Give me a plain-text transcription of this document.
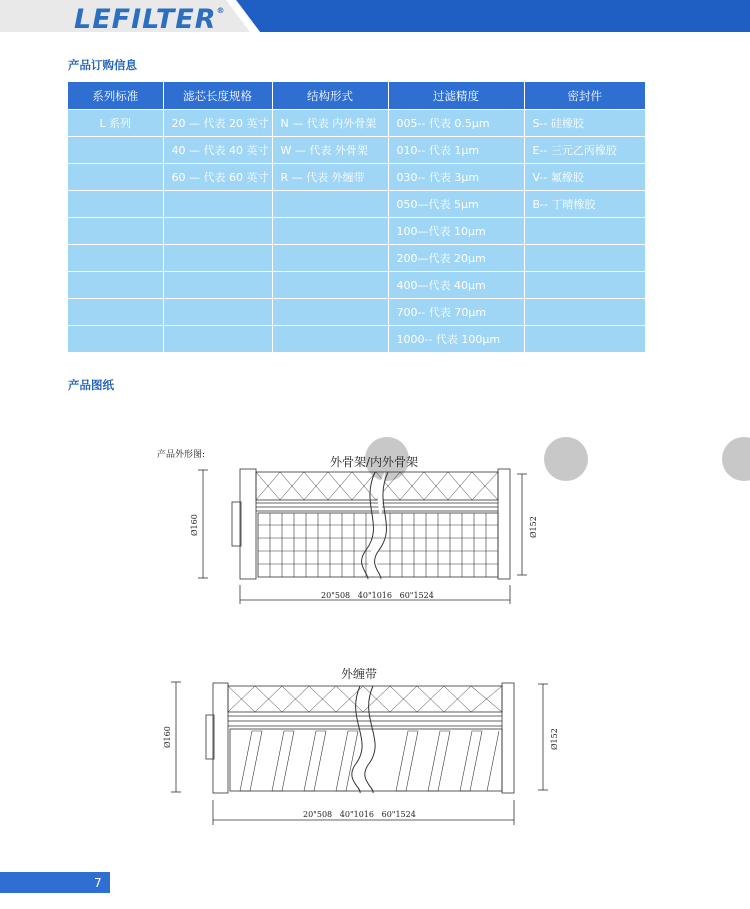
LEFILTER®
产品订购信息
系列标准	滤芯长度规格	结构形式	过滤精度	密封件
L 系列	20 — 代表 20 英寸	N — 代表 内外骨架	005-- 代表 0.5µm	S-- 硅橡胶
	40 — 代表 40 英寸	W — 代表 外骨架	010-- 代表 1µm	E-- 三元乙丙橡胶
	60 — 代表 60 英寸	R — 代表 外缠带	030-- 代表 3µm	V-- 氟橡胶
			050—代表 5µm	B-- 丁晴橡胶
			100—代表 10µm	
			200—代表 20µm	
			400—代表 40µm	
			700-- 代表 70µm	
			1000-- 代表 100µm	
产品图纸
产品外形图:	外骨架/内外骨架
Ø160	Ø152
20"508   40"1016   60"1524
外缠带
Ø160	Ø152
20"508   40"1016   60"1524
7
